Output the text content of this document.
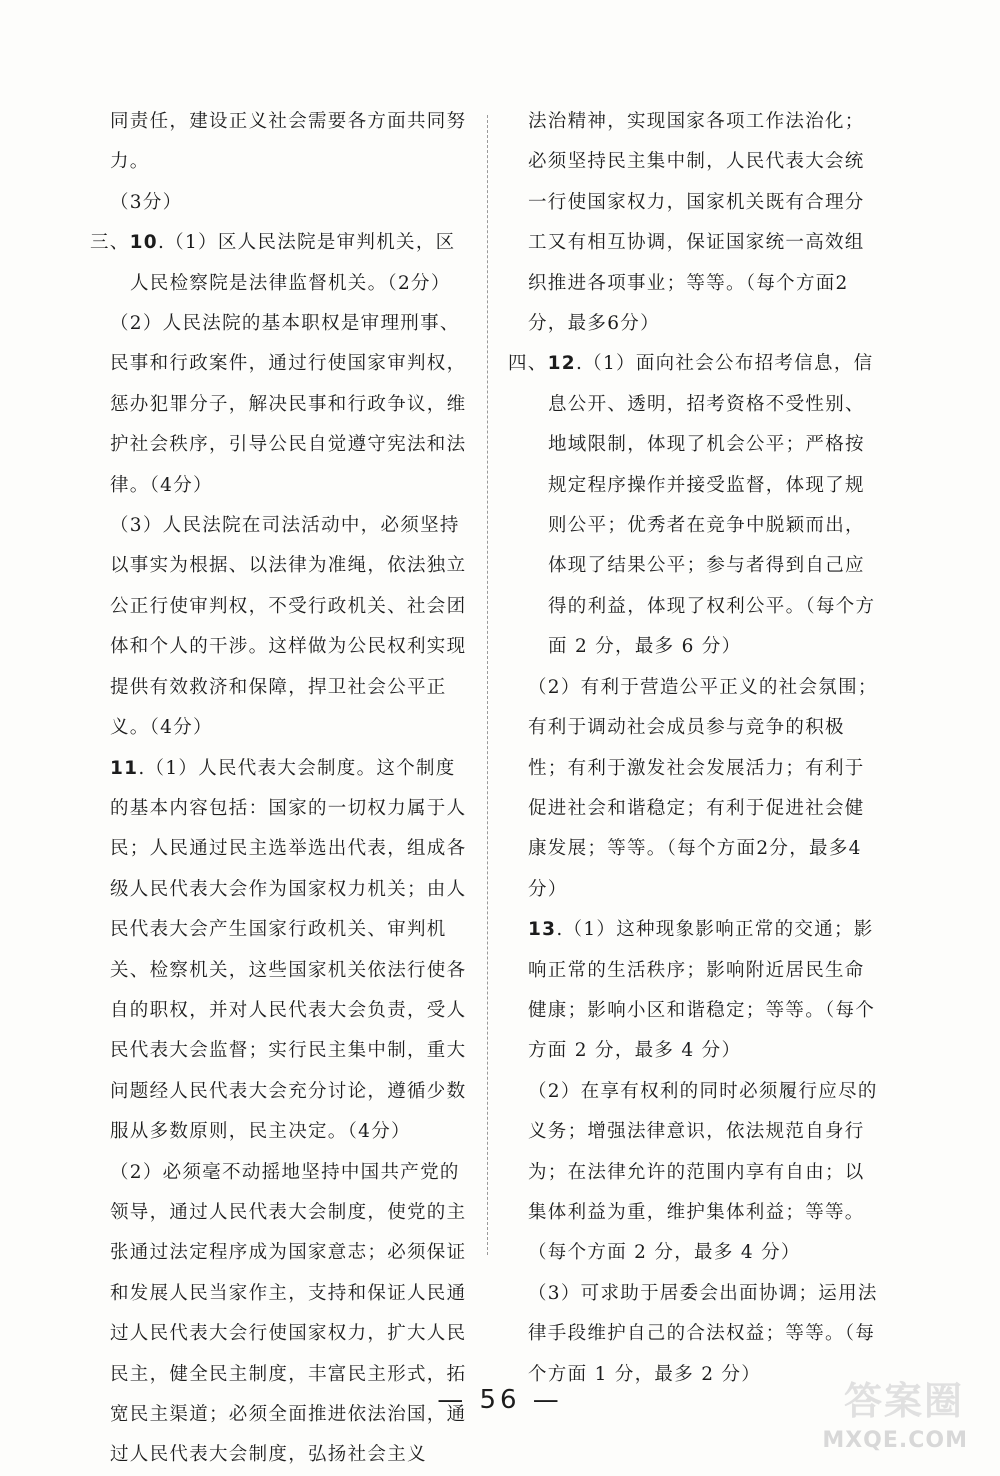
同责任，建设正义社会需要各方面共同努力。
（3分）
三、10.（1）区人民法院是审判机关，区人民检察院是法律监督机关。（2分）
（2）人民法院的基本职权是审理刑事、民事和行政案件，通过行使国家审判权，惩办犯罪分子，解决民事和行政争议，维护社会秩序，引导公民自觉遵守宪法和法律。（4分）
（3）人民法院在司法活动中，必须坚持以事实为根据、以法律为准绳，依法独立公正行使审判权，不受行政机关、社会团体和个人的干涉。这样做为公民权利实现提供有效救济和保障，捍卫社会公平正义。（4分）
11.（1）人民代表大会制度。这个制度的基本内容包括：国家的一切权力属于人民；人民通过民主选举选出代表，组成各级人民代表大会作为国家权力机关；由人民代表大会产生国家行政机关、审判机关、检察机关，这些国家机关依法行使各自的职权，并对人民代表大会负责，受人民代表大会监督；实行民主集中制，重大问题经人民代表大会充分讨论，遵循少数服从多数原则，民主决定。（4分）
（2）必须毫不动摇地坚持中国共产党的领导，通过人民代表大会制度，使党的主张通过法定程序成为国家意志；必须保证和发展人民当家作主，支持和保证人民通过人民代表大会行使国家权力，扩大人民民主，健全民主制度，丰富民主形式，拓宽民主渠道；必须全面推进依法治国，通过人民代表大会制度，弘扬社会主义
法治精神，实现国家各项工作法治化；必须坚持民主集中制，人民代表大会统一行使国家权力，国家机关既有合理分工又有相互协调，保证国家统一高效组织推进各项事业；等等。（每个方面2分，最多6分）
四、12.（1）面向社会公布招考信息，信息公开、透明，招考资格不受性别、地域限制，体现了机会公平；严格按规定程序操作并接受监督，体现了规则公平；优秀者在竞争中脱颖而出，体现了结果公平；参与者得到自己应得的利益，体现了权利公平。（每个方面 2 分，最多 6 分）
（2）有利于营造公平正义的社会氛围；有利于调动社会成员参与竞争的积极性；有利于激发社会发展活力；有利于促进社会和谐稳定；有利于促进社会健康发展；等等。（每个方面2分，最多4分）
13.（1）这种现象影响正常的交通；影响正常的生活秩序；影响附近居民生命健康；影响小区和谐稳定；等等。（每个方面 2 分，最多 4 分）
（2）在享有权利的同时必须履行应尽的义务；增强法律意识，依法规范自身行为；在法律允许的范围内享有自由；以集体利益为重，维护集体利益；等等。（每个方面 2 分，最多 4 分）
（3）可求助于居委会出面协调；运用法律手段维护自己的合法权益；等等。（每个方面 1 分，最多 2 分）
— 56 —	答案圈
MXQE.COM
